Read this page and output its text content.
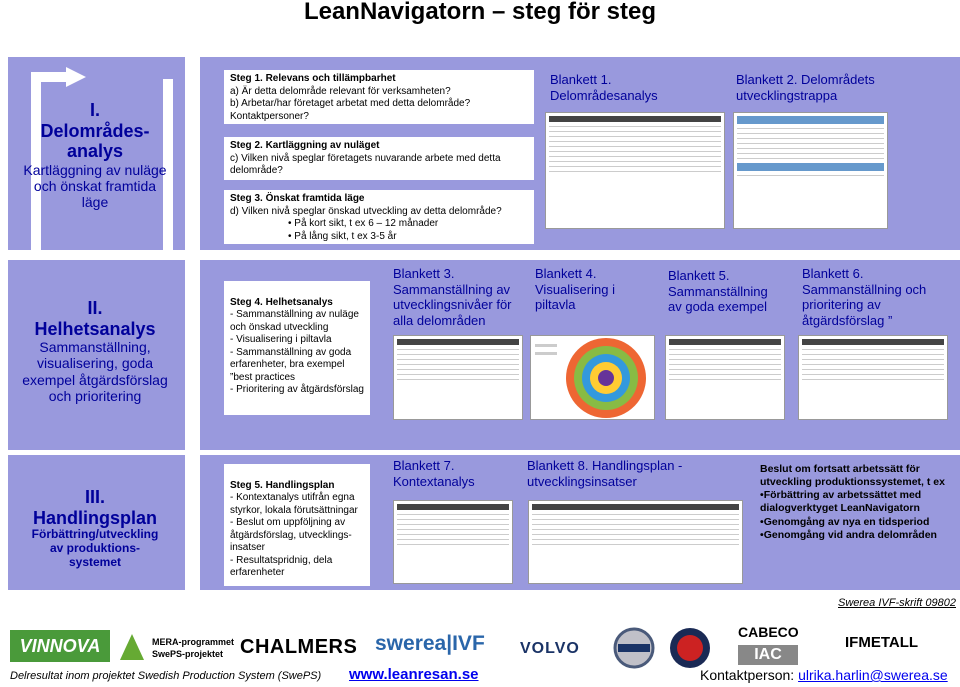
LeanNavigatorn – steg för steg
I.
Delområdes-analys
Kartläggning av nuläge och önskat framtida läge
Steg 1. Relevans och tillämpbarhet
a) Är detta delområde relevant för verksamheten?
b) Arbetar/har företaget arbetat med detta delområde?
Kontaktpersoner?
Steg 2. Kartläggning av nuläget
c) Vilken nivå speglar företagets nuvarande arbete med detta delområde?
Steg 3. Önskat framtida läge
d) Vilken nivå speglar önskad utveckling av detta delområde?
• På kort sikt, t ex 6 – 12 månader
• På lång sikt, t ex 3-5 år
Blankett 1. Delområdesanalys
Blankett 2. Delområdets utvecklingstrappa
II.
Helhetsanalys
Sammanställning, visualisering, goda exempel åtgärdsförslag och prioritering

Steg 4. Helhetsanalys
- Sammanställning av nuläge och önskad utveckling
- Visualisering i piltavla
- Sammanställning av goda erfarenheter, bra exempel ”best practices
- Prioritering av åtgärdsförslag

Blankett 3. Sammanställning av utvecklingsnivåer för alla delområden
Blankett 4. Visualisering i piltavla
Blankett 5. Sammanställning av goda exempel
Blankett 6. Sammanställning och prioritering av åtgärdsförslag ”
III.
Handlingsplan
Förbättring/utveckling av produktions-systemet

Steg 5. Handlingsplan
- Kontextanalys utifrån egna styrkor, lokala förutsättningar
- Beslut om uppföljning av åtgärdsförslag, utvecklings-insatser
- Resultatspridnig, dela erfarenheter

Blankett 7. Kontextanalys
Blankett 8. Handlingsplan - utvecklingsinsatser
Beslut om fortsatt arbetssätt för utveckling produktionssystemet, t ex
•Förbättring av arbetssättet med dialogverktyget LeanNavigatorn
•Genomgång av nya en tidsperiod
•Genomgång vid andra delområden
Swerea IVF-skrift 09802
VINNOVA	MERA-programmet
SwePS-projektet CHALMERS swerea|IVF VOLVO
CABECO
IAC
IFMETALL
Delresultat inom projektet Swedish Production System (SwePS) www.leanresan.se	Kontaktperson: ulrika.harlin@swerea.se
